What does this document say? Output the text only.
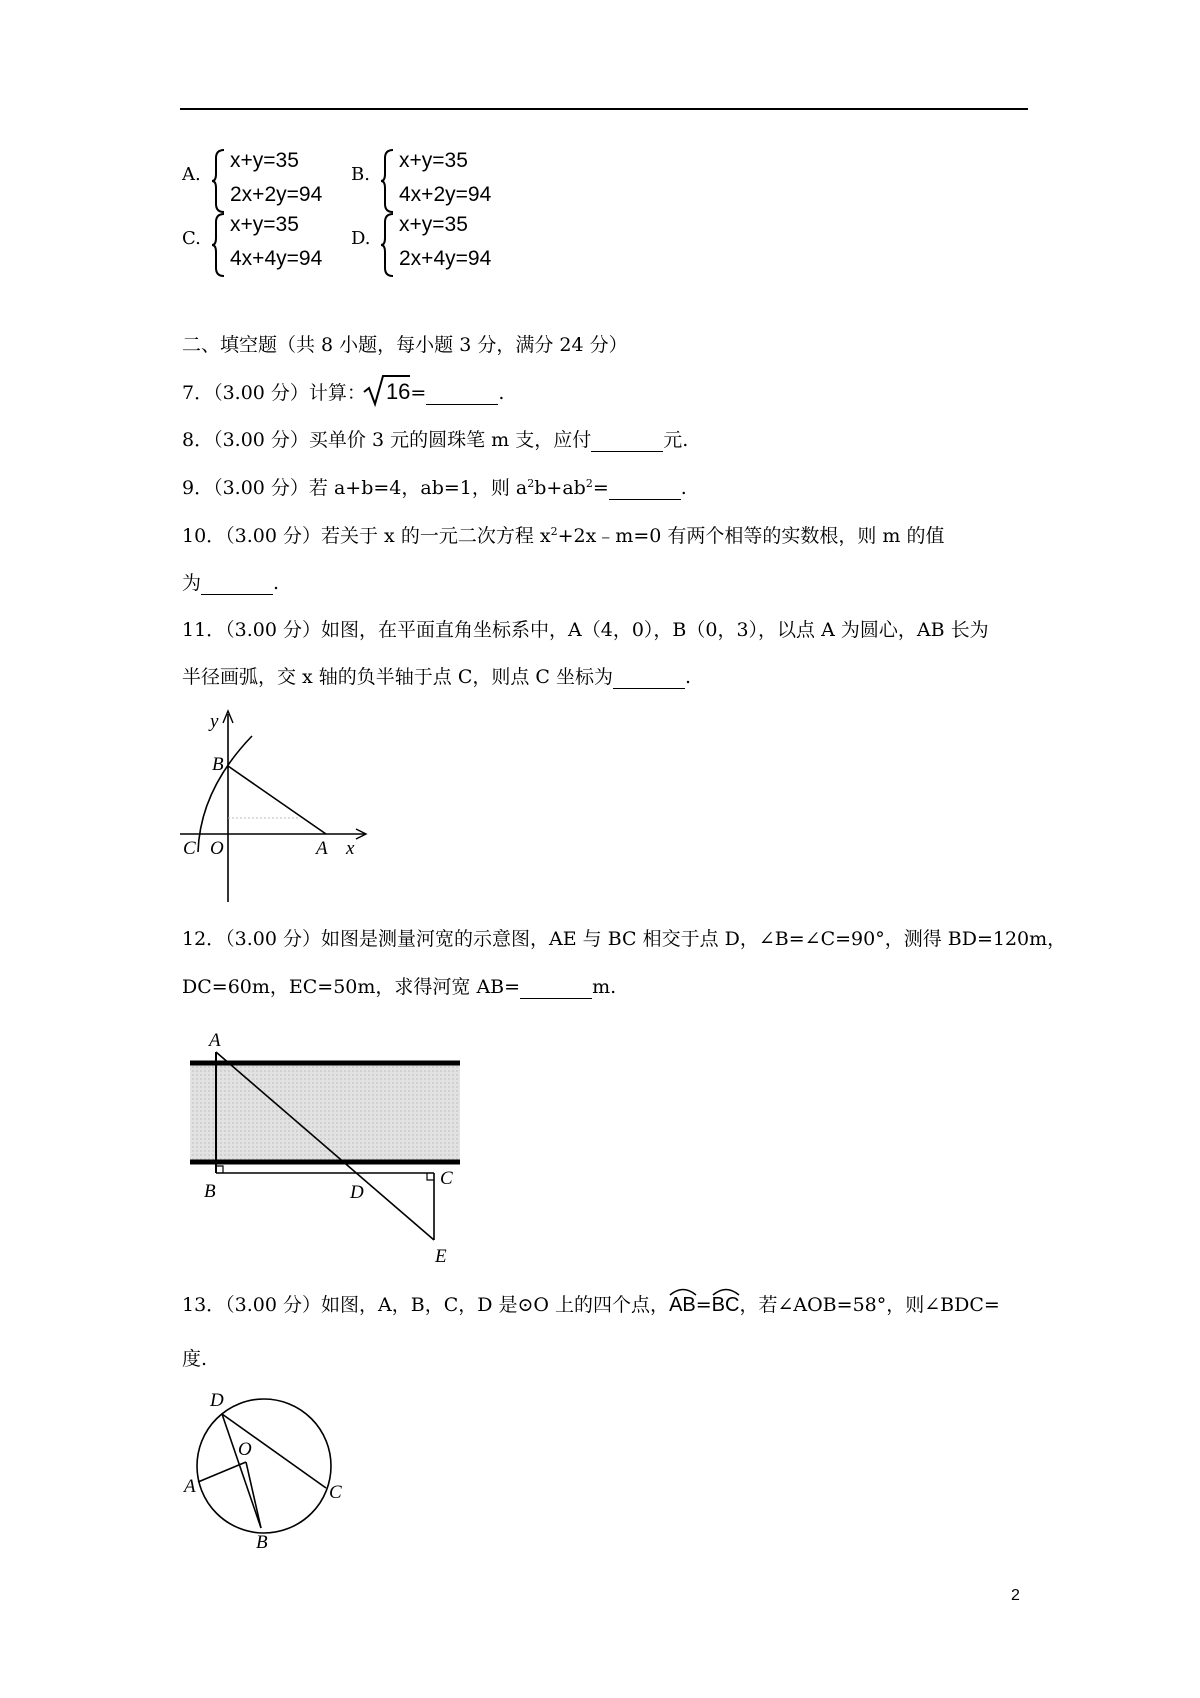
A.
x+y=35
2x+2y=94
B.
x+y=35
4x+2y=94
C.
x+y=35
4x+4y=94
D.
x+y=35
2x+4y=94
二、填空题（共 8 小题，每小题 3 分，满分 24 分）
7．（3.00 分）计算： 16=	.
8．（3.00 分）买单价 3 元的圆珠笔 m 支，应付	元.
9．（3.00 分）若 a+b=4，ab=1，则 $a^2b+ab^2=$	.
10．（3.00 分）若关于 x 的一元二次方程 $x^2+2x﹣m=0$ 有两个相等的实数根，则 m 的值
为	.
11．（3.00 分）如图，在平面直角坐标系中，A（4，0），B（0，3），以点 A 为圆心，AB 长为
半径画弧，交 x 轴的负半轴于点 C，则点 C 坐标为	.
y
B
O
C	A x
12．（3.00 分）如图是测量河宽的示意图，AE 与 BC 相交于点 D，∠B=∠C=90°，测得 BD=120m，
DC=60m，EC=50m，求得河宽 AB=	m.
A
B	D
C
E
13．（3.00 分）如图，A，B，C，D 是⊙O 上的四个点，
AB=
BC，若∠AOB=58°，则∠BDC=
度.
D
O
A
B
C
2
